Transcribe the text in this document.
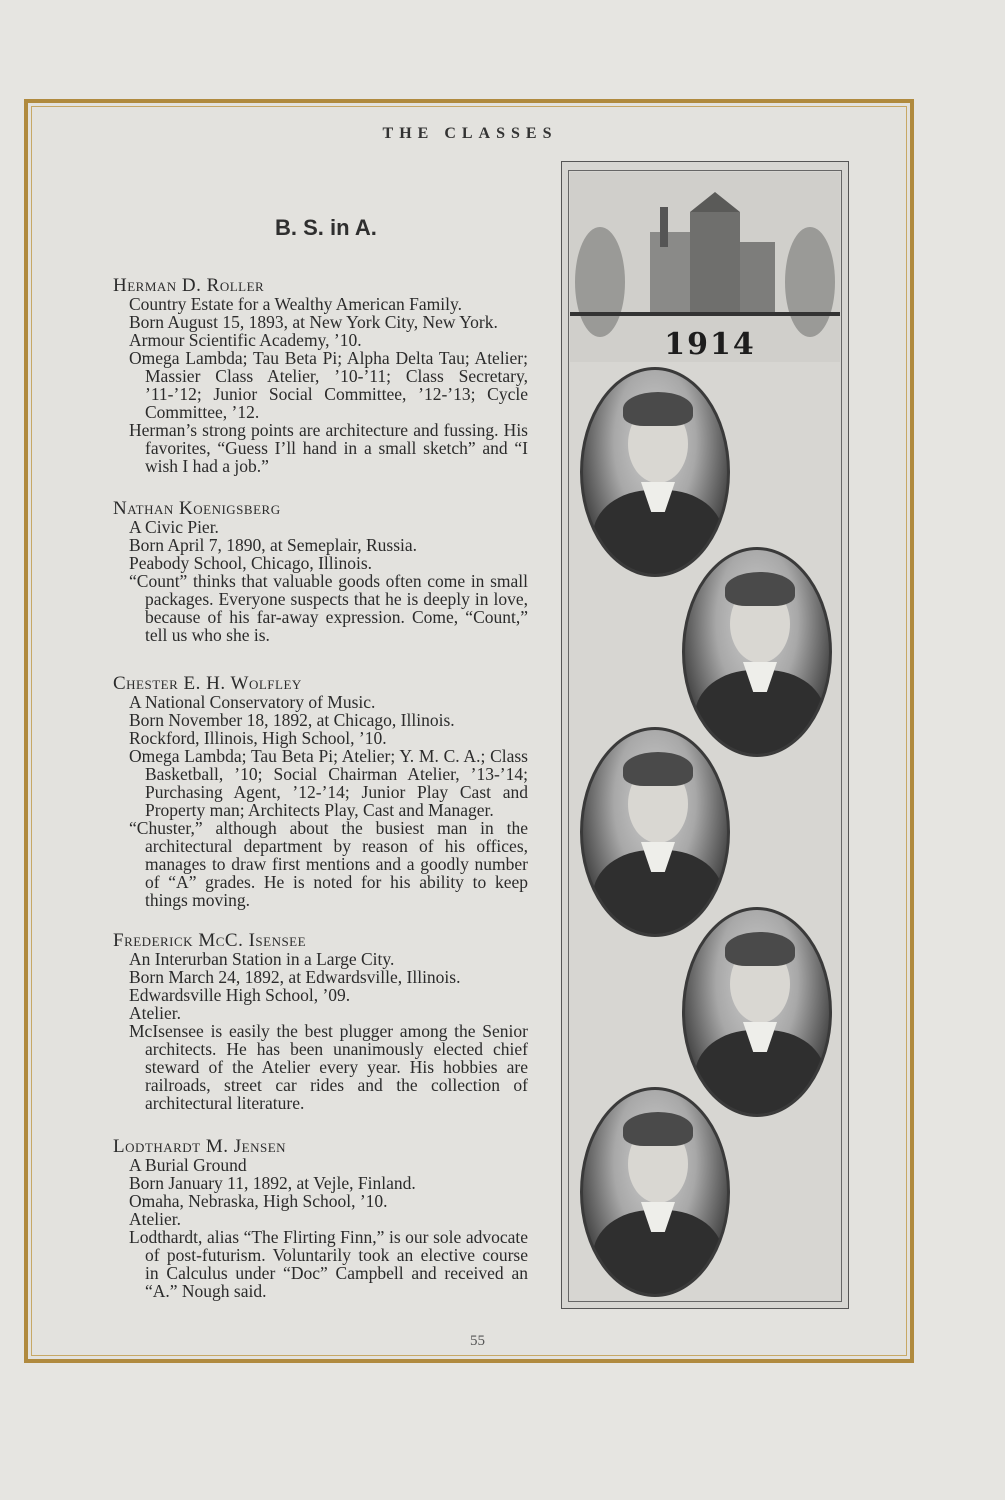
THE CLASSES
B. S. in A.

Herman D. Roller

Country Estate for a Wealthy American Family.

Born August 15, 1893, at New York City, New York.

Armour Scientific Academy, ’10.

Omega Lambda; Tau Beta Pi; Alpha Delta Tau; Atelier; Massier Class Atelier, ’10-’11; Class Secretary, ’11-’12; Junior Social Committee, ’12-’13; Cycle Committee, ’12.

Herman’s strong points are architecture and fussing. His favorites, “Guess I’ll hand in a small sketch” and “I wish I had a job.”

Nathan Koenigsberg

A Civic Pier.

Born April 7, 1890, at Semeplair, Russia.

Peabody School, Chicago, Illinois.

“Count” thinks that valuable goods often come in small packages. Everyone suspects that he is deeply in love, because of his far-away expression. Come, “Count,” tell us who she is.

Chester E. H. Wolfley

A National Conservatory of Music.

Born November 18, 1892, at Chicago, Illinois.

Rockford, Illinois, High School, ’10.

Omega Lambda; Tau Beta Pi; Atelier; Y. M. C. A.; Class Basketball, ’10; Social Chairman Atelier, ’13-’14; Purchasing Agent, ’12-’14; Junior Play Cast and Property man; Architects Play, Cast and Manager.

“Chuster,” although about the busiest man in the architectural department by reason of his offices, manages to draw first mentions and a goodly number of “A” grades. He is noted for his ability to keep things moving.

Frederick McC. Isensee

An Interurban Station in a Large City.

Born March 24, 1892, at Edwardsville, Illinois.

Edwardsville High School, ’09.

Atelier.

McIsensee is easily the best plugger among the Senior architects. He has been unanimously elected chief steward of the Atelier every year. His hobbies are railroads, street car rides and the collection of architectural literature.

Lodthardt M. Jensen

A Burial Ground

Born January 11, 1892, at Vejle, Finland.

Omaha, Nebraska, High School, ’10.

Atelier.

Lodthardt, alias “The Flirting Finn,” is our sole advocate of post-futurism. Voluntarily took an elective course in Calculus under “Doc” Campbell and received an “A.” Nough said.

1914
55
